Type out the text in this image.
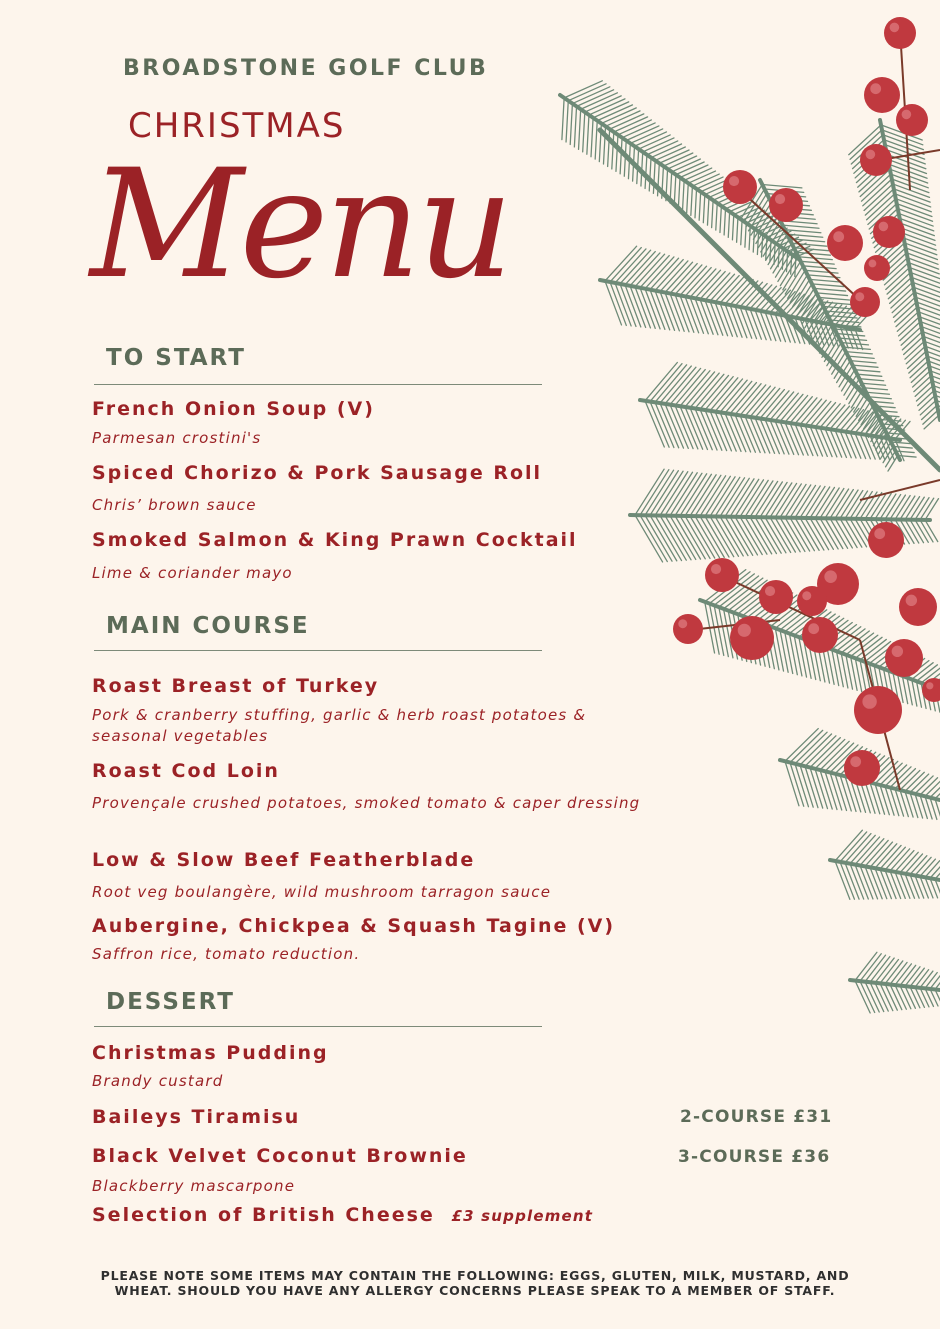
BROADSTONE GOLF CLUB
CHRISTMAS
Menu
TO START
French Onion Soup (V)
Parmesan crostini's
Spiced Chorizo & Pork Sausage Roll
Chris’ brown sauce
Smoked Salmon & King Prawn Cocktail
Lime & coriander mayo
MAIN COURSE
Roast Breast of Turkey
Pork & cranberry stuffing, garlic & herb roast potatoes & seasonal vegetables
Roast Cod Loin
Provençale crushed potatoes, smoked tomato & caper dressing
Low & Slow Beef Featherblade
Root veg boulangère, wild mushroom tarragon sauce
Aubergine, Chickpea & Squash Tagine (V)
Saffron rice, tomato reduction.
DESSERT
Christmas Pudding
Brandy custard
Baileys Tiramisu
Black Velvet Coconut Brownie
Blackberry mascarpone
Selection of British Cheese £3 supplement
2-COURSE £31
3-COURSE £36
PLEASE NOTE SOME ITEMS MAY CONTAIN THE FOLLOWING: EGGS, GLUTEN, MILK, MUSTARD, AND WHEAT. SHOULD YOU HAVE ANY ALLERGY CONCERNS PLEASE SPEAK TO A MEMBER OF STAFF.
